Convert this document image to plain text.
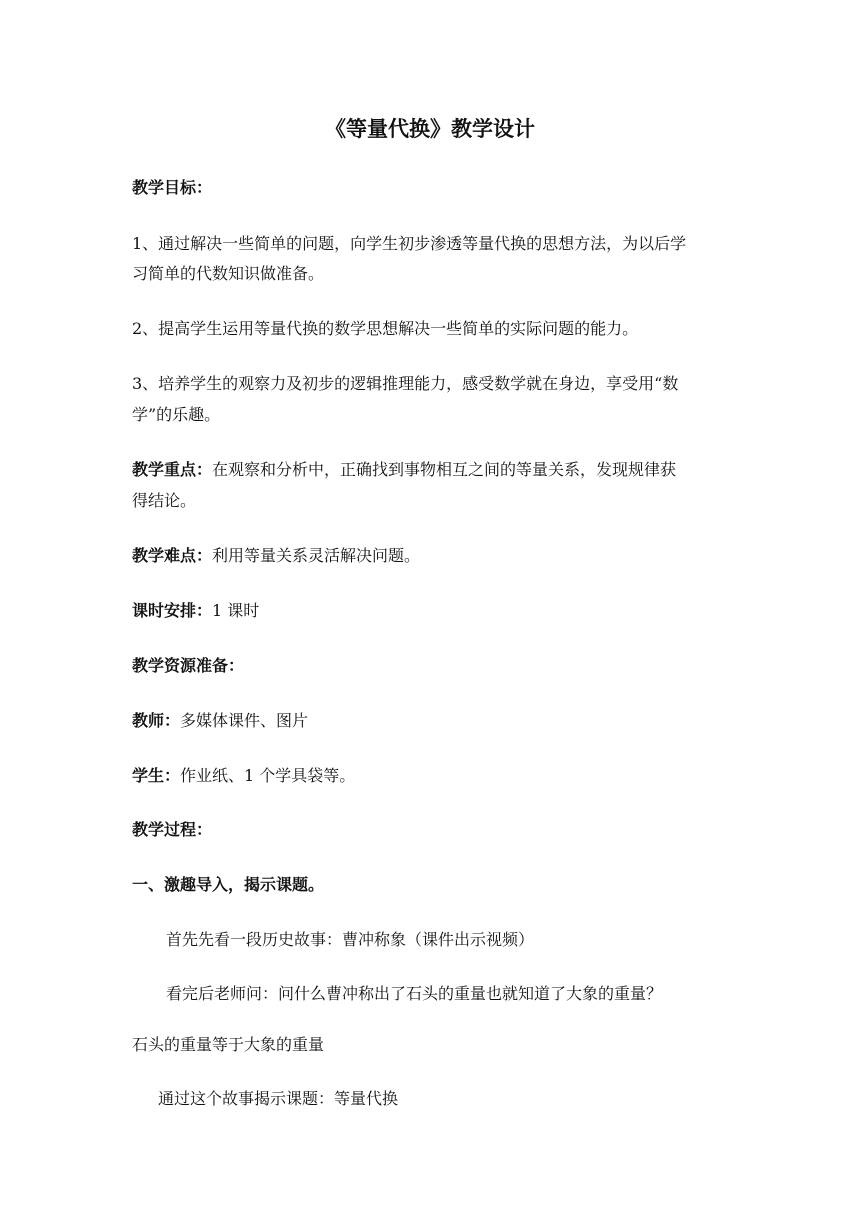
《等量代换》教学设计
教学目标：
1、通过解决一些简单的问题，向学生初步渗透等量代换的思想方法，为以后学
习简单的代数知识做准备。
2、提高学生运用等量代换的数学思想解决一些简单的实际问题的能力。
3、培养学生的观察力及初步的逻辑推理能力，感受数学就在身边，享受用“数
学”的乐趣。
教学重点：在观察和分析中，正确找到事物相互之间的等量关系，发现规律获
得结论。
教学难点：利用等量关系灵活解决问题。
课时安排：1 课时
教学资源准备：
教师：多媒体课件、图片
学生：作业纸、1 个学具袋等。
教学过程：
一、激趣导入，揭示课题。
首先先看一段历史故事：曹冲称象（课件出示视频）
看完后老师问：问什么曹冲称出了石头的重量也就知道了大象的重量？
石头的重量等于大象的重量
通过这个故事揭示课题：等量代换
